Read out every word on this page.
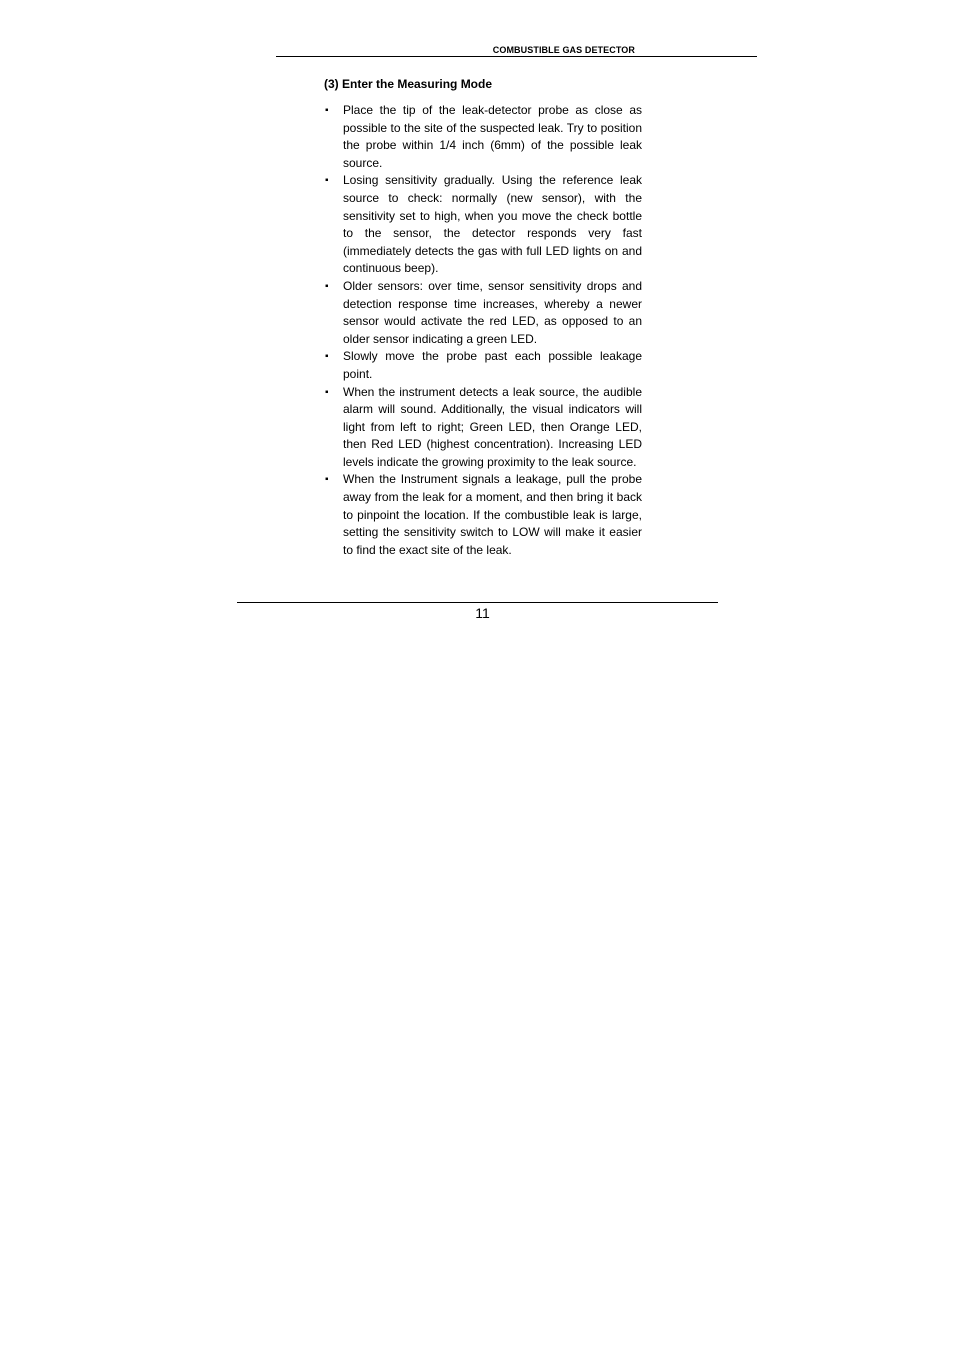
COMBUSTIBLE GAS DETECTOR
(3) Enter the Measuring Mode
▪ Place the tip of the leak-detector probe as close as possible to the site of the suspected leak. Try to position the probe within 1/4 inch (6mm) of the possible leak source.
▪ Losing sensitivity gradually. Using the reference leak source to check: normally (new sensor), with the sensitivity set to high, when you move the check bottle to the sensor, the detector responds very fast (immediately detects the gas with full LED lights on and continuous beep).
▪ Older sensors: over time, sensor sensitivity drops and detection response time increases, whereby a newer sensor would activate the red LED, as opposed to an older sensor indicating a green LED.
▪ Slowly move the probe past each possible leakage point.
▪ When the instrument detects a leak source, the audible alarm will sound. Additionally, the visual indicators will light from left to right; Green LED, then Orange LED, then Red LED (highest concentration). Increasing LED levels indicate the growing proximity to the leak source.
▪ When the Instrument signals a leakage, pull the probe away from the leak for a moment, and then bring it back to pinpoint the location. If the combustible leak is large, setting the sensitivity switch to LOW will make it easier to find the exact site of the leak.
11
